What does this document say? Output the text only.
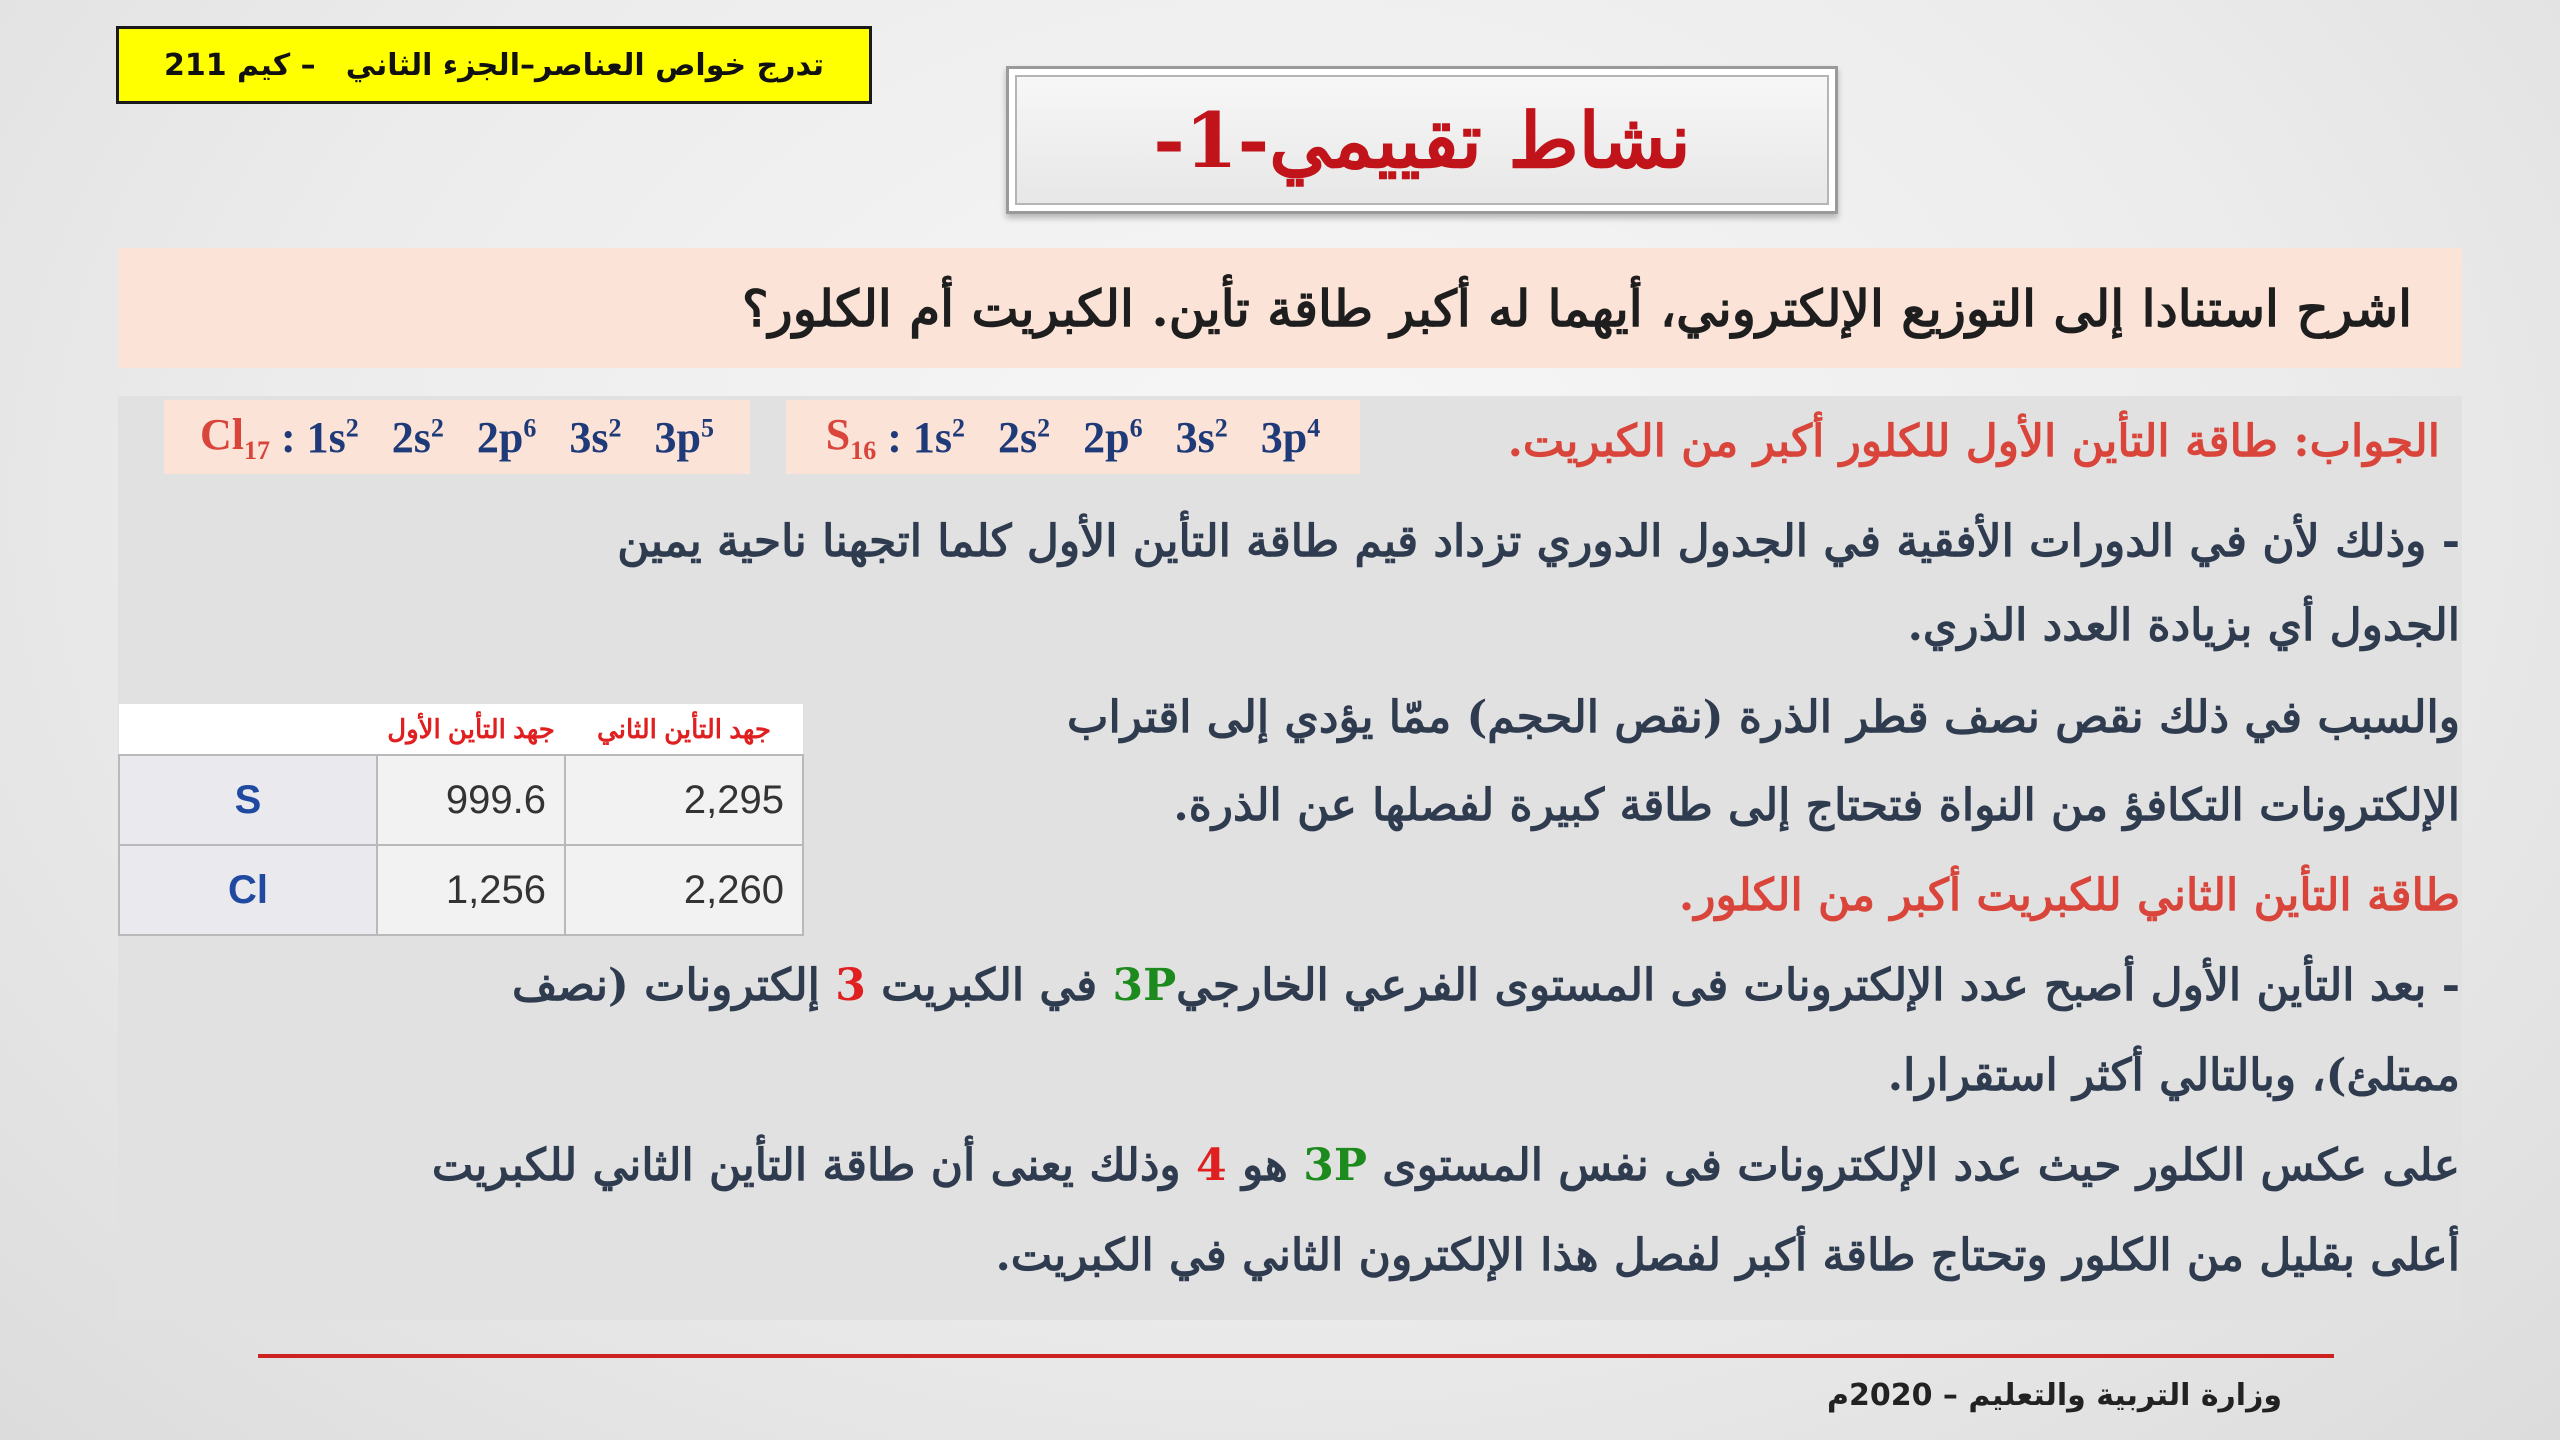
تدرج خواص العناصر–الجزء الثاني
– كيم 211
نشاط تقييمي-1-
اشرح استنادا إلى التوزيع الإلكتروني، أيهما له أكبر طاقة تأين. الكبريت أم الكلور؟
$Cl_{17}$ : $1s^2$ $2s^2$ $2p^6$ $3s^2$ $3p^5$	$S_{16}$ : $1s^2$ $2s^2$ $2p^6$ $3s^2$ $3p^4$	الجواب: طاقة التأين الأول للكلور أكبر من الكبريت.
- وذلك لأن في الدورات الأفقية في الجدول الدوري تزداد قيم طاقة التأين الأول كلما اتجهنا ناحية يمين
الجدول أي بزيادة العدد الذري.
والسبب في ذلك نقص نصف قطر الذرة (نقص الحجم) ممّا يؤدي إلى اقتراب
الإلكترونات التكافؤ من النواة فتحتاج إلى طاقة كبيرة لفصلها عن الذرة.
طاقة التأين الثاني للكبريت أكبر من الكلور.
- بعد التأين الأول أصبح عدد الإلكترونات فى المستوى الفرعي الخارجي3P في الكبريت 3 إلكترونات (نصف
ممتلئ)، وبالتالي أكثر استقرارا.
على عكس الكلور حيث عدد الإلكترونات فى نفس المستوى 3P هو 4 وذلك يعنى أن طاقة التأين الثاني للكبريت
أعلى بقليل من الكلور وتحتاج طاقة أكبر لفصل هذا الإلكترون الثاني في الكبريت.
	جهد التأين الأول	جهد التأين الثاني
S	999.6	2,295
Cl	1,256	2,260
وزارة التربية والتعليم – 2020م
